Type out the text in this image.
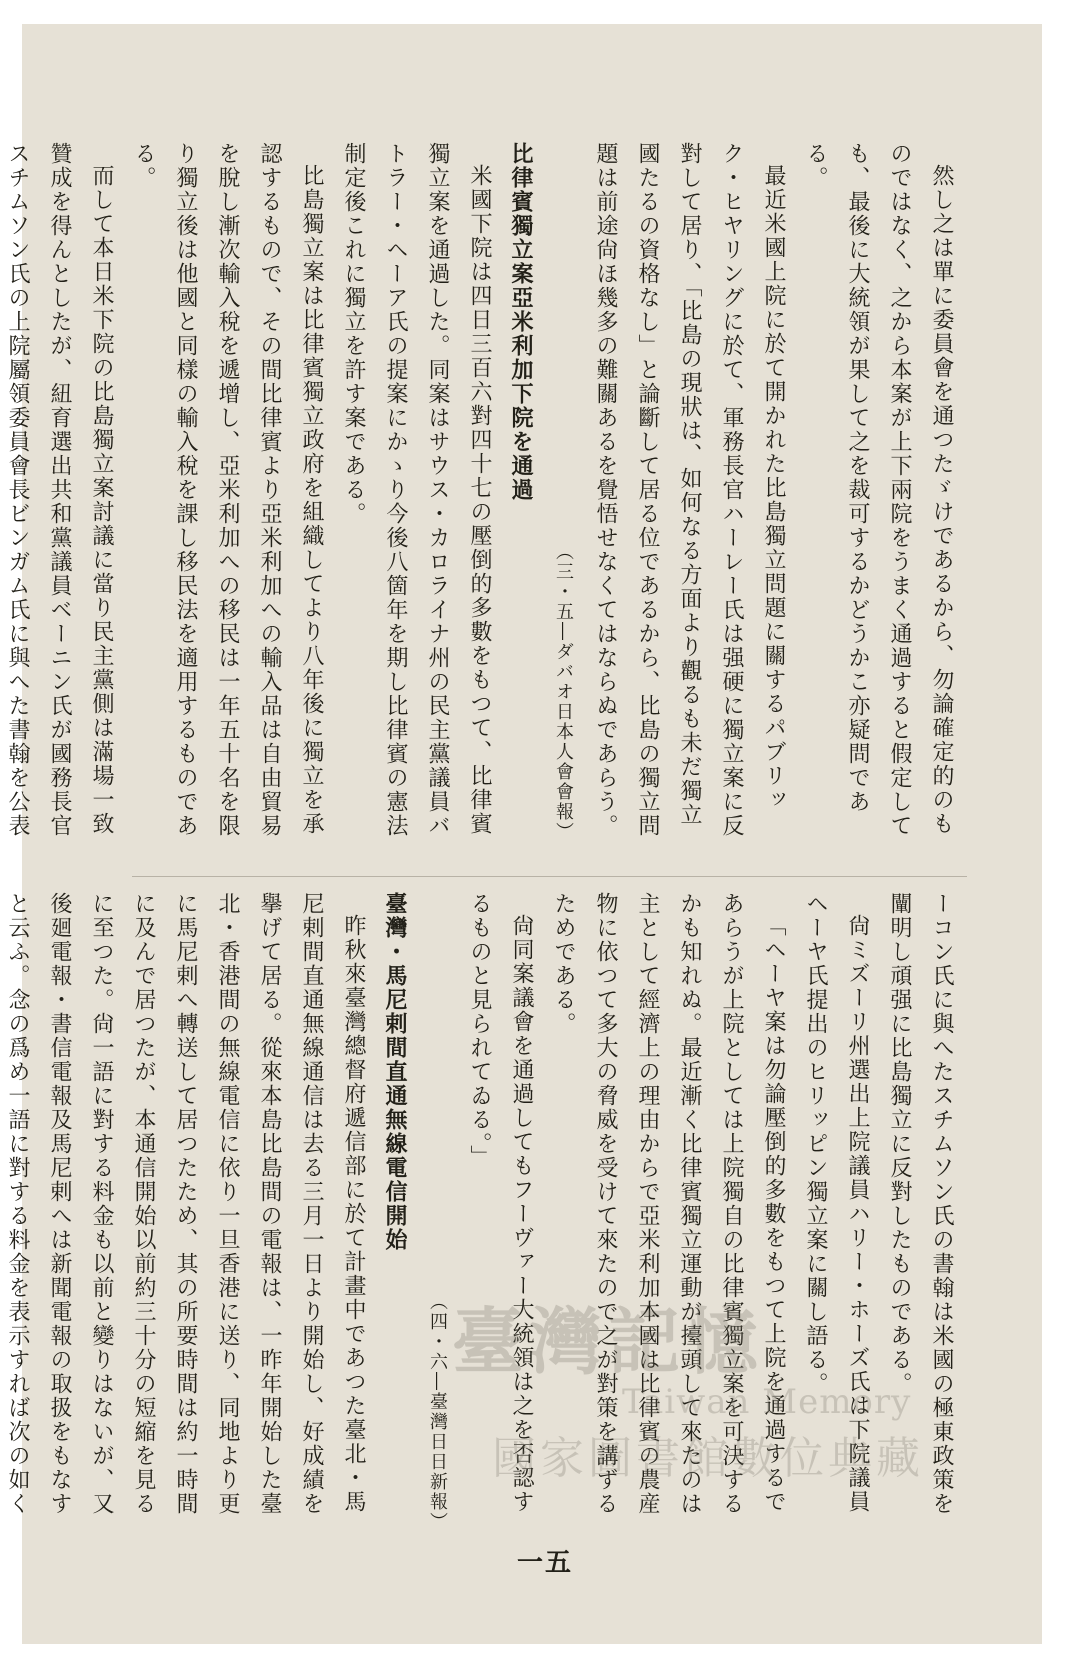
然し之は單に委員會を通つたゞけであるから、勿論確定的のものではなく、之から本案が上下兩院をうまく通過すると假定しても、最後に大統領が果して之を裁可するかどうかこ亦疑問である。

最近米國上院に於て開かれた比島獨立問題に關するパブリック・ヒヤリングに於て、軍務長官ハーレー氏は强硬に獨立案に反對して居り、「比島の現狀は、如何なる方面より觀るも未だ獨立國たるの資格なし」と論斷して居る位であるから、比島の獨立問題は前途尙ほ幾多の難關あるを覺悟せなくてはならぬであらう。

（三・五―ダバオ日本人會會報）

比律賓獨立案亞米利加下院を通過

米國下院は四日三百六對四十七の壓倒的多數をもつて、比律賓獨立案を通過した。同案はサウス・カロライナ州の民主黨議員バトラー・ヘーア氏の提案にかゝり今後八箇年を期し比律賓の憲法制定後これに獨立を許す案である。

比島獨立案は比律賓獨立政府を組織してより八年後に獨立を承認するもので、その間比律賓より亞米利加への輸入品は自由貿易を脫し漸次輸入稅を遞增し、亞米利加への移民は一年五十名を限り獨立後は他國と同樣の輸入稅を課し移民法を適用するものである。

而して本日米下院の比島獨立案討議に當り民主黨側は滿場一致贊成を得んとしたが、紐育選出共和黨議員ベーニン氏が國務長官スチムソン氏の上院屬領委員會長ビンガム氏に與へた書翰を公表

ーコン氏に與へたスチムソン氏の書翰は米國の極東政策を闡明し頑强に比島獨立に反對したものである。

尙ミズーリ州選出上院議員ハリー・ホーズ氏は下院議員ヘーヤ氏提出のヒリッピン獨立案に關し語る。

「ヘーヤ案は勿論壓倒的多數をもつて上院を通過するであらうが上院としては上院獨自の比律賓獨立案を可決するかも知れぬ。最近漸く比律賓獨立運動が擡頭して來たのは主として經濟上の理由からで亞米利加本國は比律賓の農産物に依つて多大の脅威を受けて來たので之が對策を講ずるためである。

尙同案議會を通過してもフーヴァー大統領は之を否認するものと見られてゐる。」

（四・六―臺灣日日新報）

臺灣・馬尼剌間直通無線電信開始

昨秋來臺灣總督府遞信部に於て計畫中であつた臺北・馬尼剌間直通無線通信は去る三月一日より開始し、好成績を擧げて居る。從來本島比島間の電報は、一昨年開始した臺北・香港間の無線電信に依り一旦香港に送り、同地より更に馬尼剌へ轉送して居つたため、其の所要時間は約一時間に及んで居つたが、本通信開始以前約三十分の短縮を見るに至つた。尙一語に對する料金も以前と變りはないが、又後廻電報・書信電報及馬尼剌へは新聞電報の取扱をもなすと云ふ。念の爲め一語に對する料金を表示すれば次の如く

一五
臺灣記憶
Taiwan Memory
國家圖書館數位典藏
